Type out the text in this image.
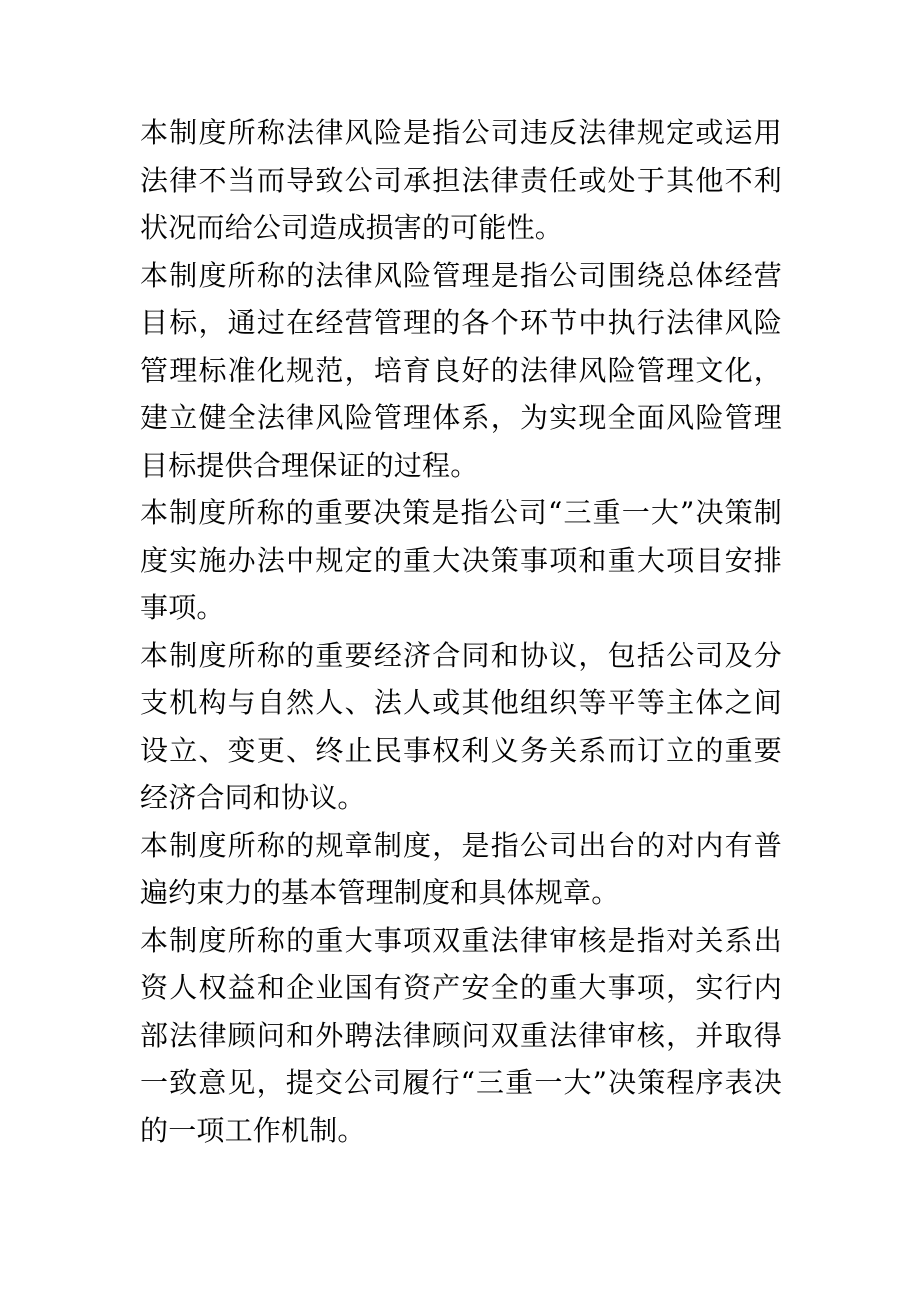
本制度所称法律风险是指公司违反法律规定或运用法律不当而导致公司承担法律责任或处于其他不利状况而给公司造成损害的可能性。

本制度所称的法律风险管理是指公司围绕总体经营目标，通过在经营管理的各个环节中执行法律风险管理标准化规范，培育良好的法律风险管理文化，建立健全法律风险管理体系，为实现全面风险管理目标提供合理保证的过程。

本制度所称的重要决策是指公司“三重一大”决策制度实施办法中规定的重大决策事项和重大项目安排事项。

本制度所称的重要经济合同和协议，包括公司及分支机构与自然人、法人或其他组织等平等主体之间设立、变更、终止民事权利义务关系而订立的重要经济合同和协议。

本制度所称的规章制度，是指公司出台的对内有普遍约束力的基本管理制度和具体规章。

本制度所称的重大事项双重法律审核是指对关系出资人权益和企业国有资产安全的重大事项，实行内部法律顾问和外聘法律顾问双重法律审核，并取得一致意见，提交公司履行“三重一大”决策程序表决的一项工作机制。
